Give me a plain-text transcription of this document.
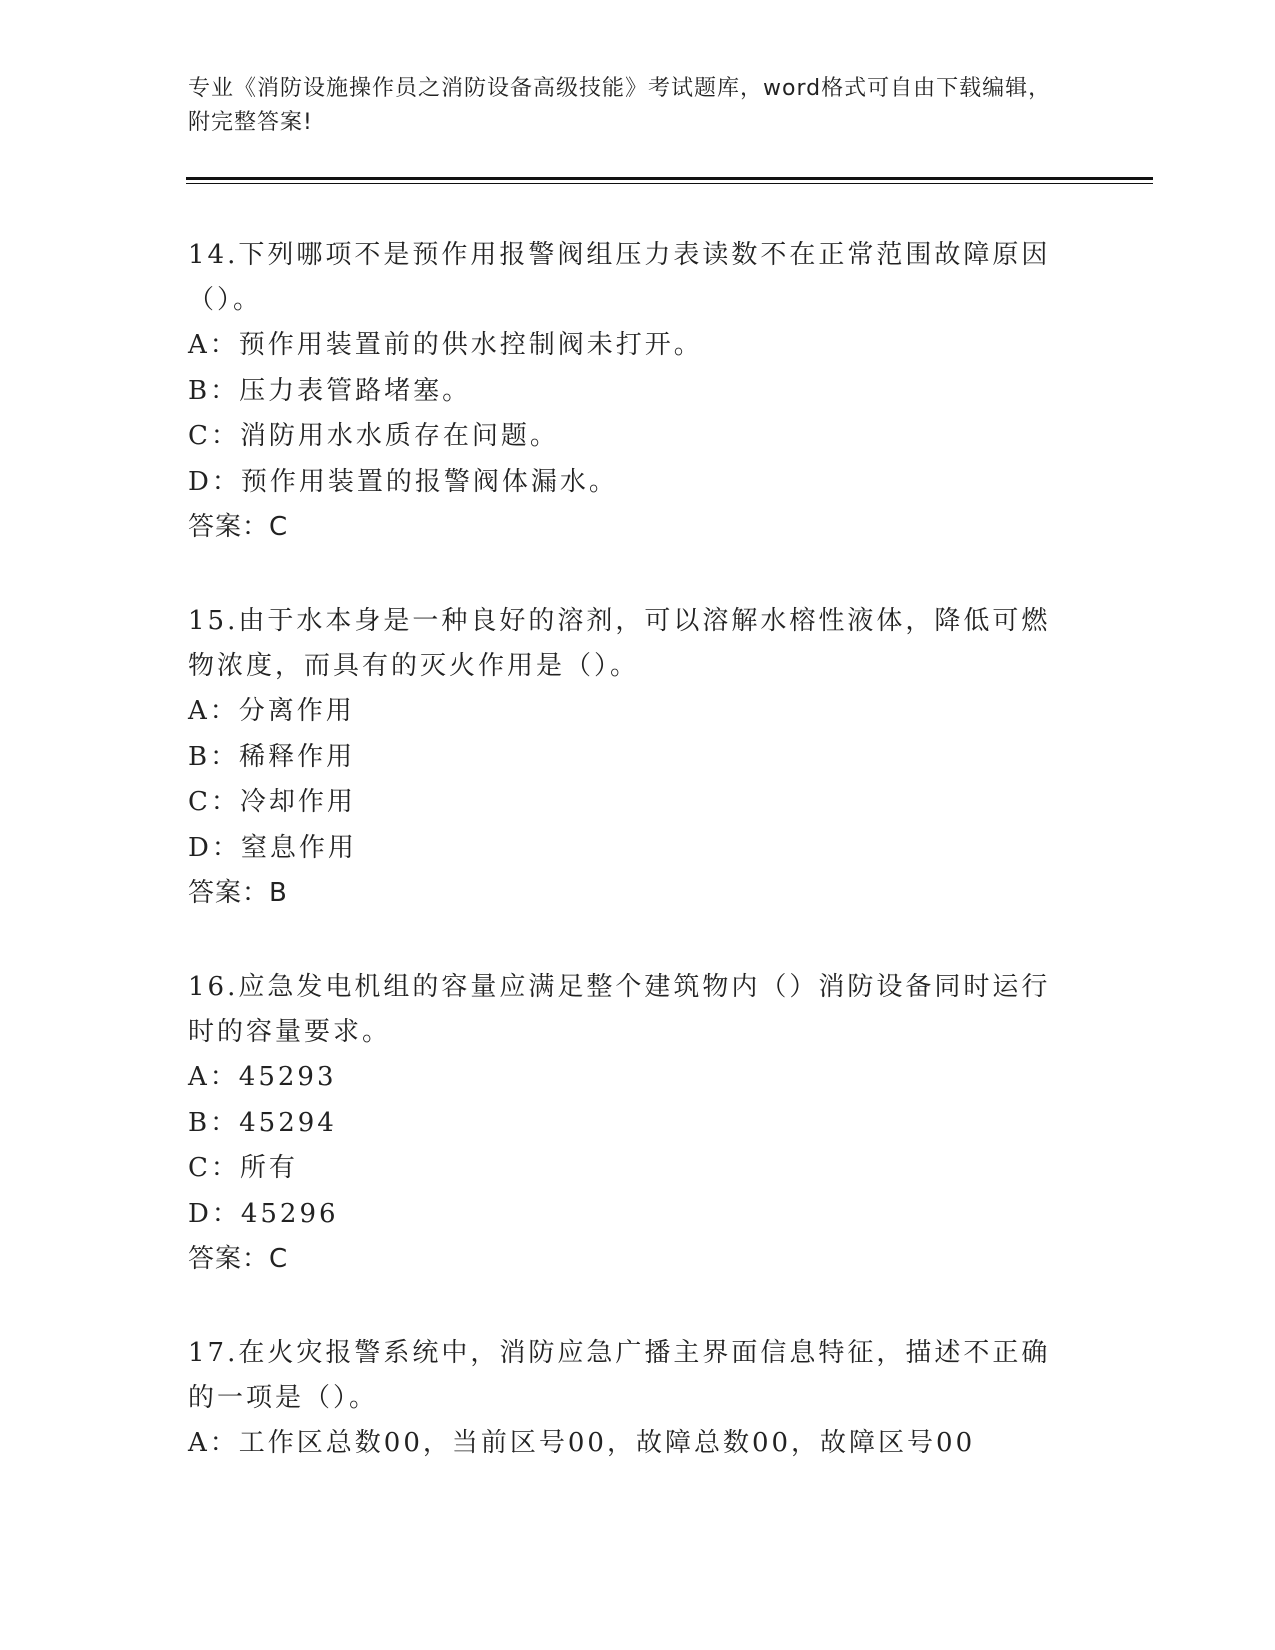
专业《消防设施操作员之消防设备高级技能》考试题库，word格式可自由下载编辑，附完整答案!

14.下列哪项不是预作用报警阀组压力表读数不在正常范围故障原因（）。

A：预作用装置前的供水控制阀未打开。

B：压力表管路堵塞。

C：消防用水水质存在问题。

D：预作用装置的报警阀体漏水。

答案：C

15.由于水本身是一种良好的溶剂，可以溶解水榕性液体，降低可燃物浓度，而具有的灭火作用是（）。

A：分离作用

B：稀释作用

C：冷却作用

D：窒息作用

答案：B

16.应急发电机组的容量应满足整个建筑物内（）消防设备同时运行时的容量要求。

A：45293

B：45294

C：所有

D：45296

答案：C

17.在火灾报警系统中，消防应急广播主界面信息特征，描述不正确的一项是（）。

A：工作区总数00，当前区号00，故障总数00，故障区号00
